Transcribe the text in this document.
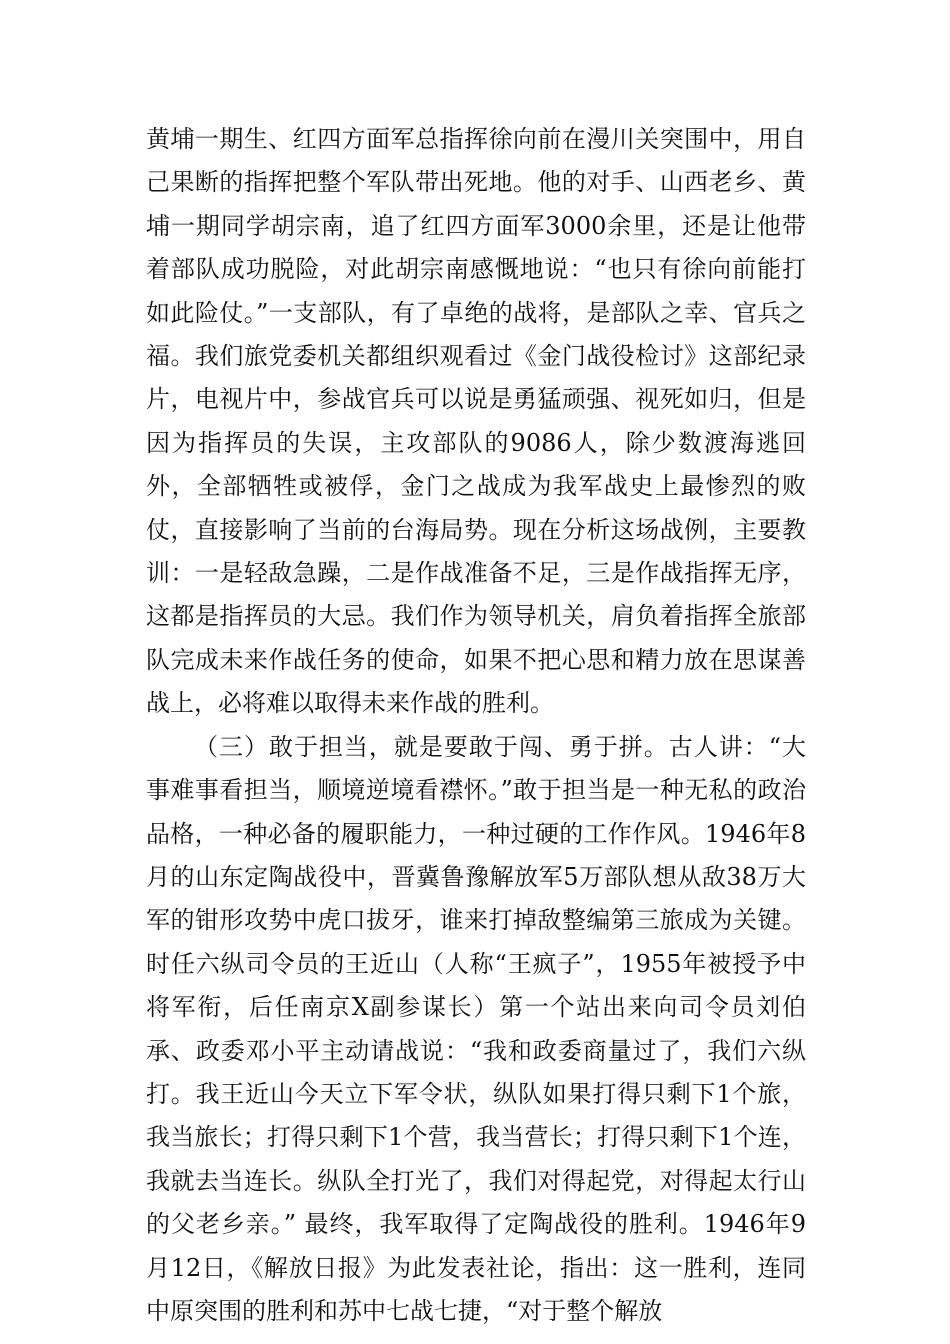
黄埔一期生、红四方面军总指挥徐向前在漫川关突围中，用自己果断的指挥把整个军队带出死地。他的对手、山西老乡、黄埔一期同学胡宗南，追了红四方面军3000余里，还是让他带着部队成功脱险，对此胡宗南感慨地说：“也只有徐向前能打如此险仗。”一支部队，有了卓绝的战将，是部队之幸、官兵之福。我们旅党委机关都组织观看过《金门战役检讨》这部纪录片，电视片中，参战官兵可以说是勇猛顽强、视死如归，但是因为指挥员的失误，主攻部队的9086人，除少数渡海逃回外，全部牺牲或被俘，金门之战成为我军战史上最惨烈的败仗，直接影响了当前的台海局势。现在分析这场战例，主要教训：一是轻敌急躁，二是作战准备不足，三是作战指挥无序，这都是指挥员的大忌。我们作为领导机关，肩负着指挥全旅部队完成未来作战任务的使命，如果不把心思和精力放在思谋善战上，必将难以取得未来作战的胜利。

（三）敢于担当，就是要敢于闯、勇于拼。古人讲：“大事难事看担当，顺境逆境看襟怀。”敢于担当是一种无私的政治品格，一种必备的履职能力，一种过硬的工作作风。1946年8月的山东定陶战役中，晋冀鲁豫解放军5万部队想从敌38万大军的钳形攻势中虎口拔牙，谁来打掉敌整编第三旅成为关键。时任六纵司令员的王近山（人称“王疯子”，1955年被授予中将军衔，后任南京X副参谋长）第一个站出来向司令员刘伯承、政委邓小平主动请战说：“我和政委商量过了，我们六纵打。我王近山今天立下军令状，纵队如果打得只剩下1个旅，我当旅长；打得只剩下1个营，我当营长；打得只剩下1个连，我就去当连长。纵队全打光了，我们对得起党，对得起太行山的父老乡亲。” 最终，我军取得了定陶战役的胜利。1946年9月12日，《解放日报》为此发表社论，指出：这一胜利，连同中原突围的胜利和苏中七战七捷，“对于整个解放
